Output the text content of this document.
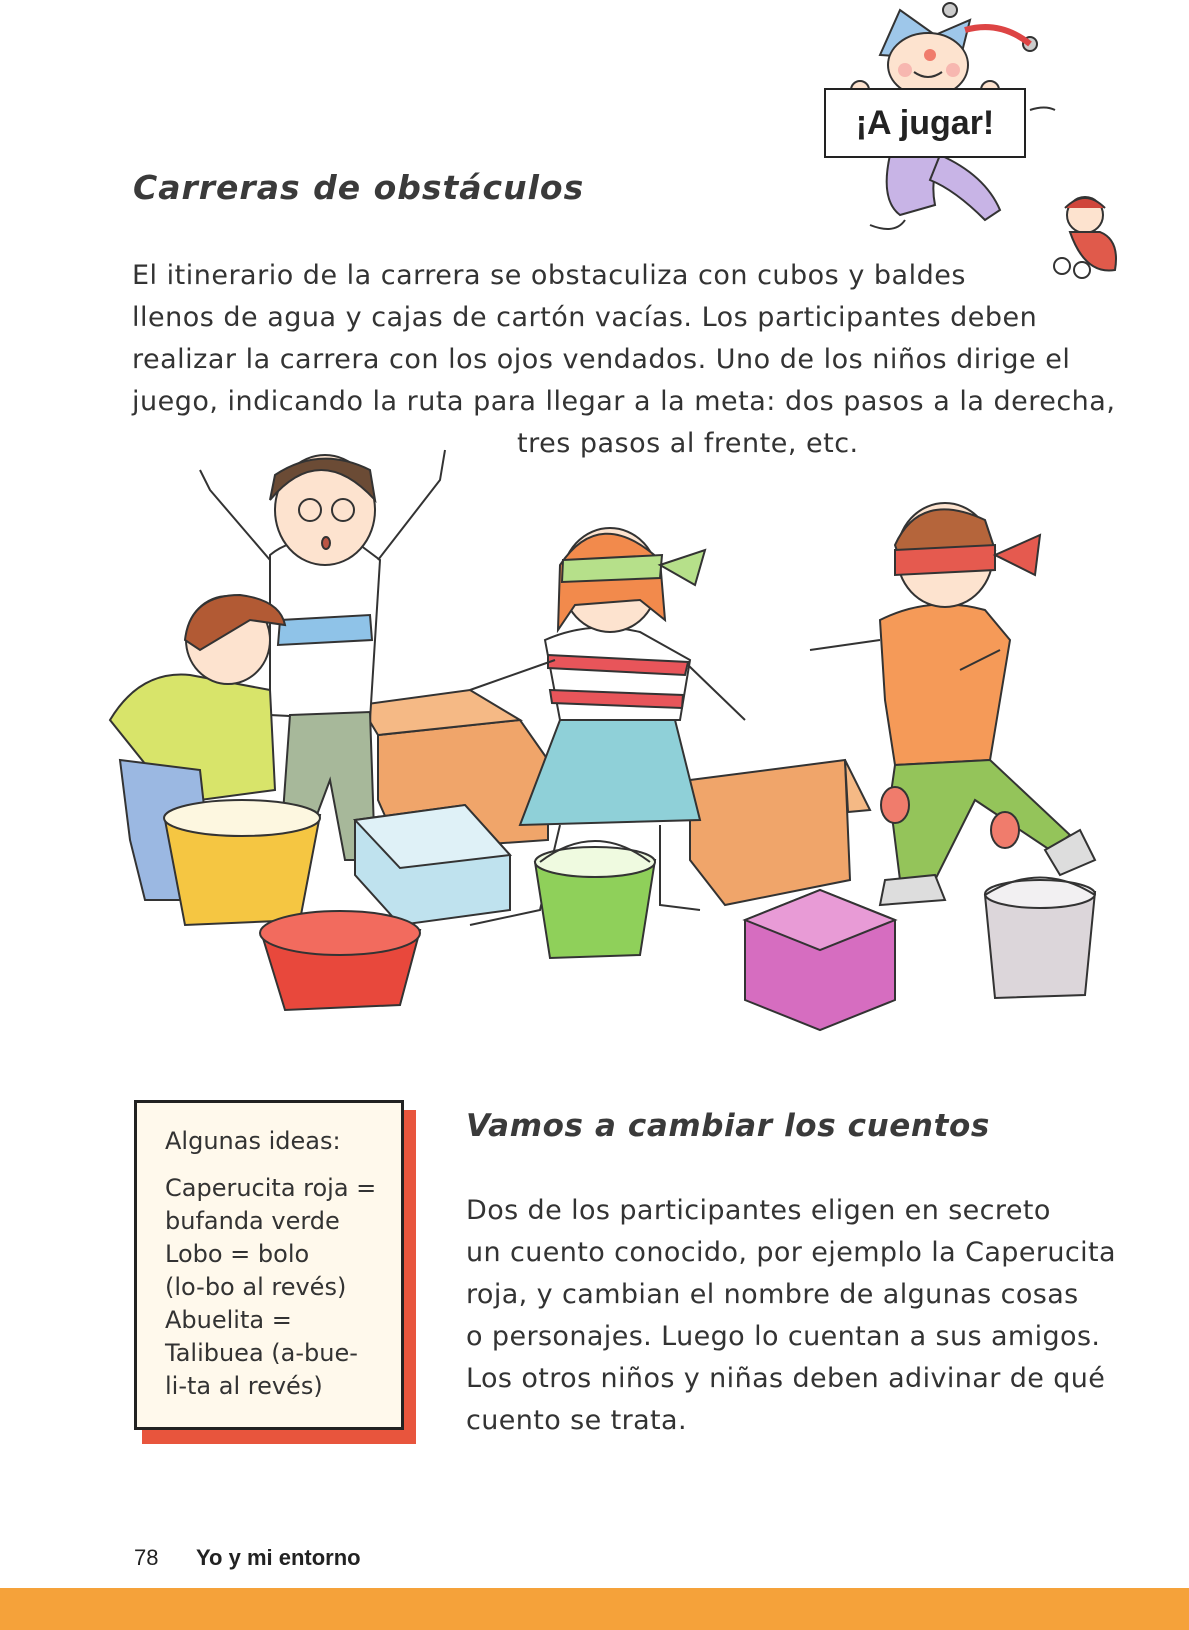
¡A jugar!
Carreras de obstáculos
El itinerario de la carrera se obstaculiza con cubos y baldes
llenos de agua y cajas de cartón vacías. Los participantes deben
realizar la carrera con los ojos vendados. Uno de los niños dirige el
juego, indicando la ruta para llegar a la meta: dos pasos a la derecha,
tres pasos al frente, etc.
Algunas ideas:
Caperucita roja =
bufanda verde
Lobo = bolo
(lo-bo al revés)
Abuelita =
Talibuea (a-bue-
li-ta al revés)
Vamos a cambiar los cuentos
Dos de los participantes eligen en secreto
un cuento conocido, por ejemplo la Caperucita
roja, y cambian el nombre de algunas cosas
o personajes. Luego lo cuentan a sus amigos.
Los otros niños y niñas deben adivinar de qué
cuento se trata.
78 Yo y mi entorno
